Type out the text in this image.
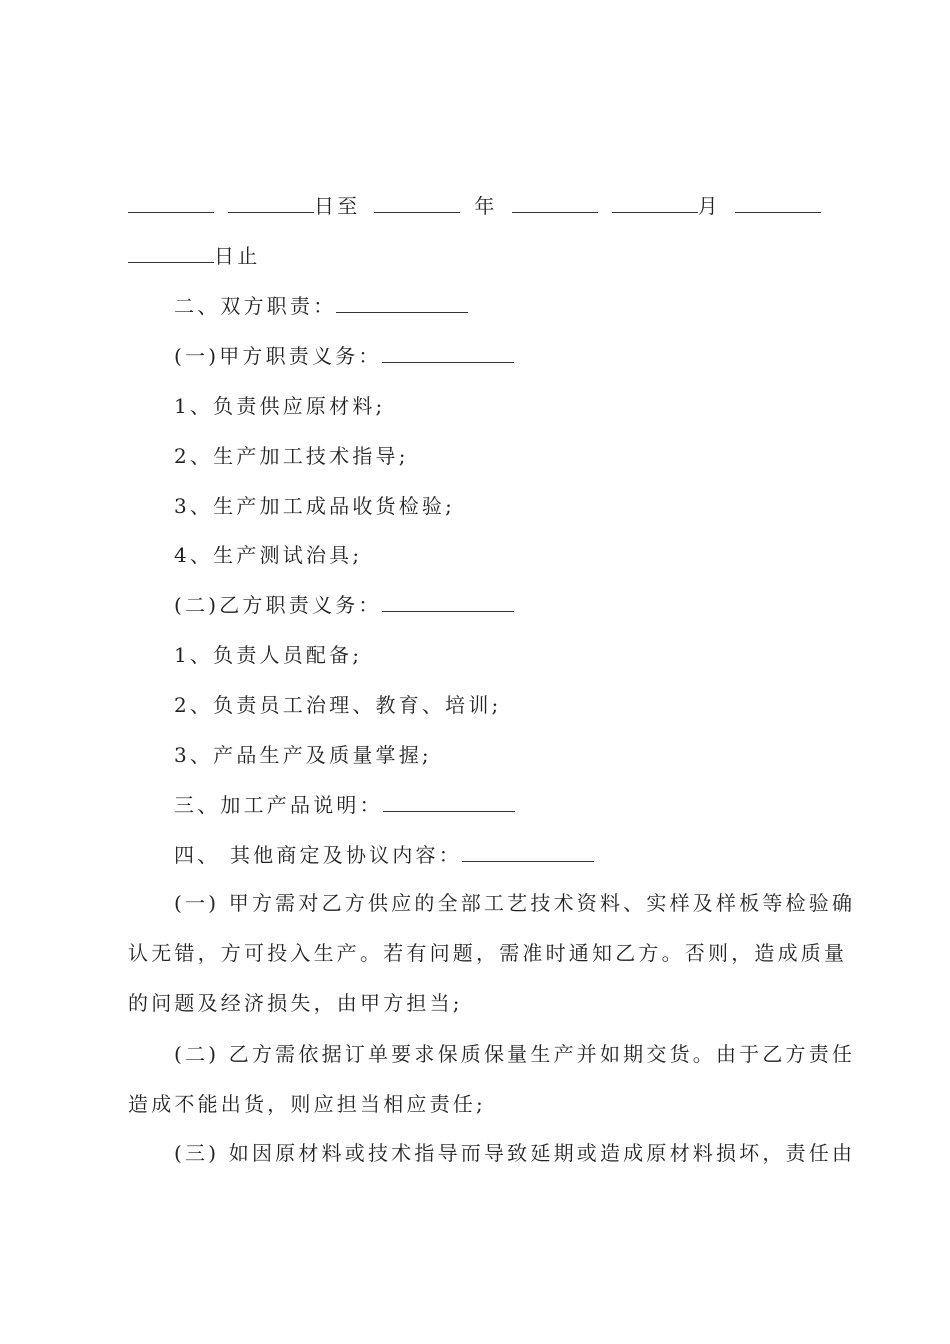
日至	年	月
日止
二、双方职责：
(一)甲方职责义务：
1、负责供应原材料;
2、生产加工技术指导;
3、生产加工成品收货检验;
4、生产测试治具;
(二)乙方职责义务：
1、负责人员配备;
2、负责员工治理、教育、培训;
3、产品生产及质量掌握;
三、加工产品说明：
四、 其他商定及协议内容：
(一) 甲方需对乙方供应的全部工艺技术资料、实样及样板等检验确
认无错，方可投入生产。若有问题，需准时通知乙方。否则，造成质量
的问题及经济损失，由甲方担当;
(二) 乙方需依据订单要求保质保量生产并如期交货。由于乙方责任
造成不能出货，则应担当相应责任;
(三) 如因原材料或技术指导而导致延期或造成原材料损坏，责任由
